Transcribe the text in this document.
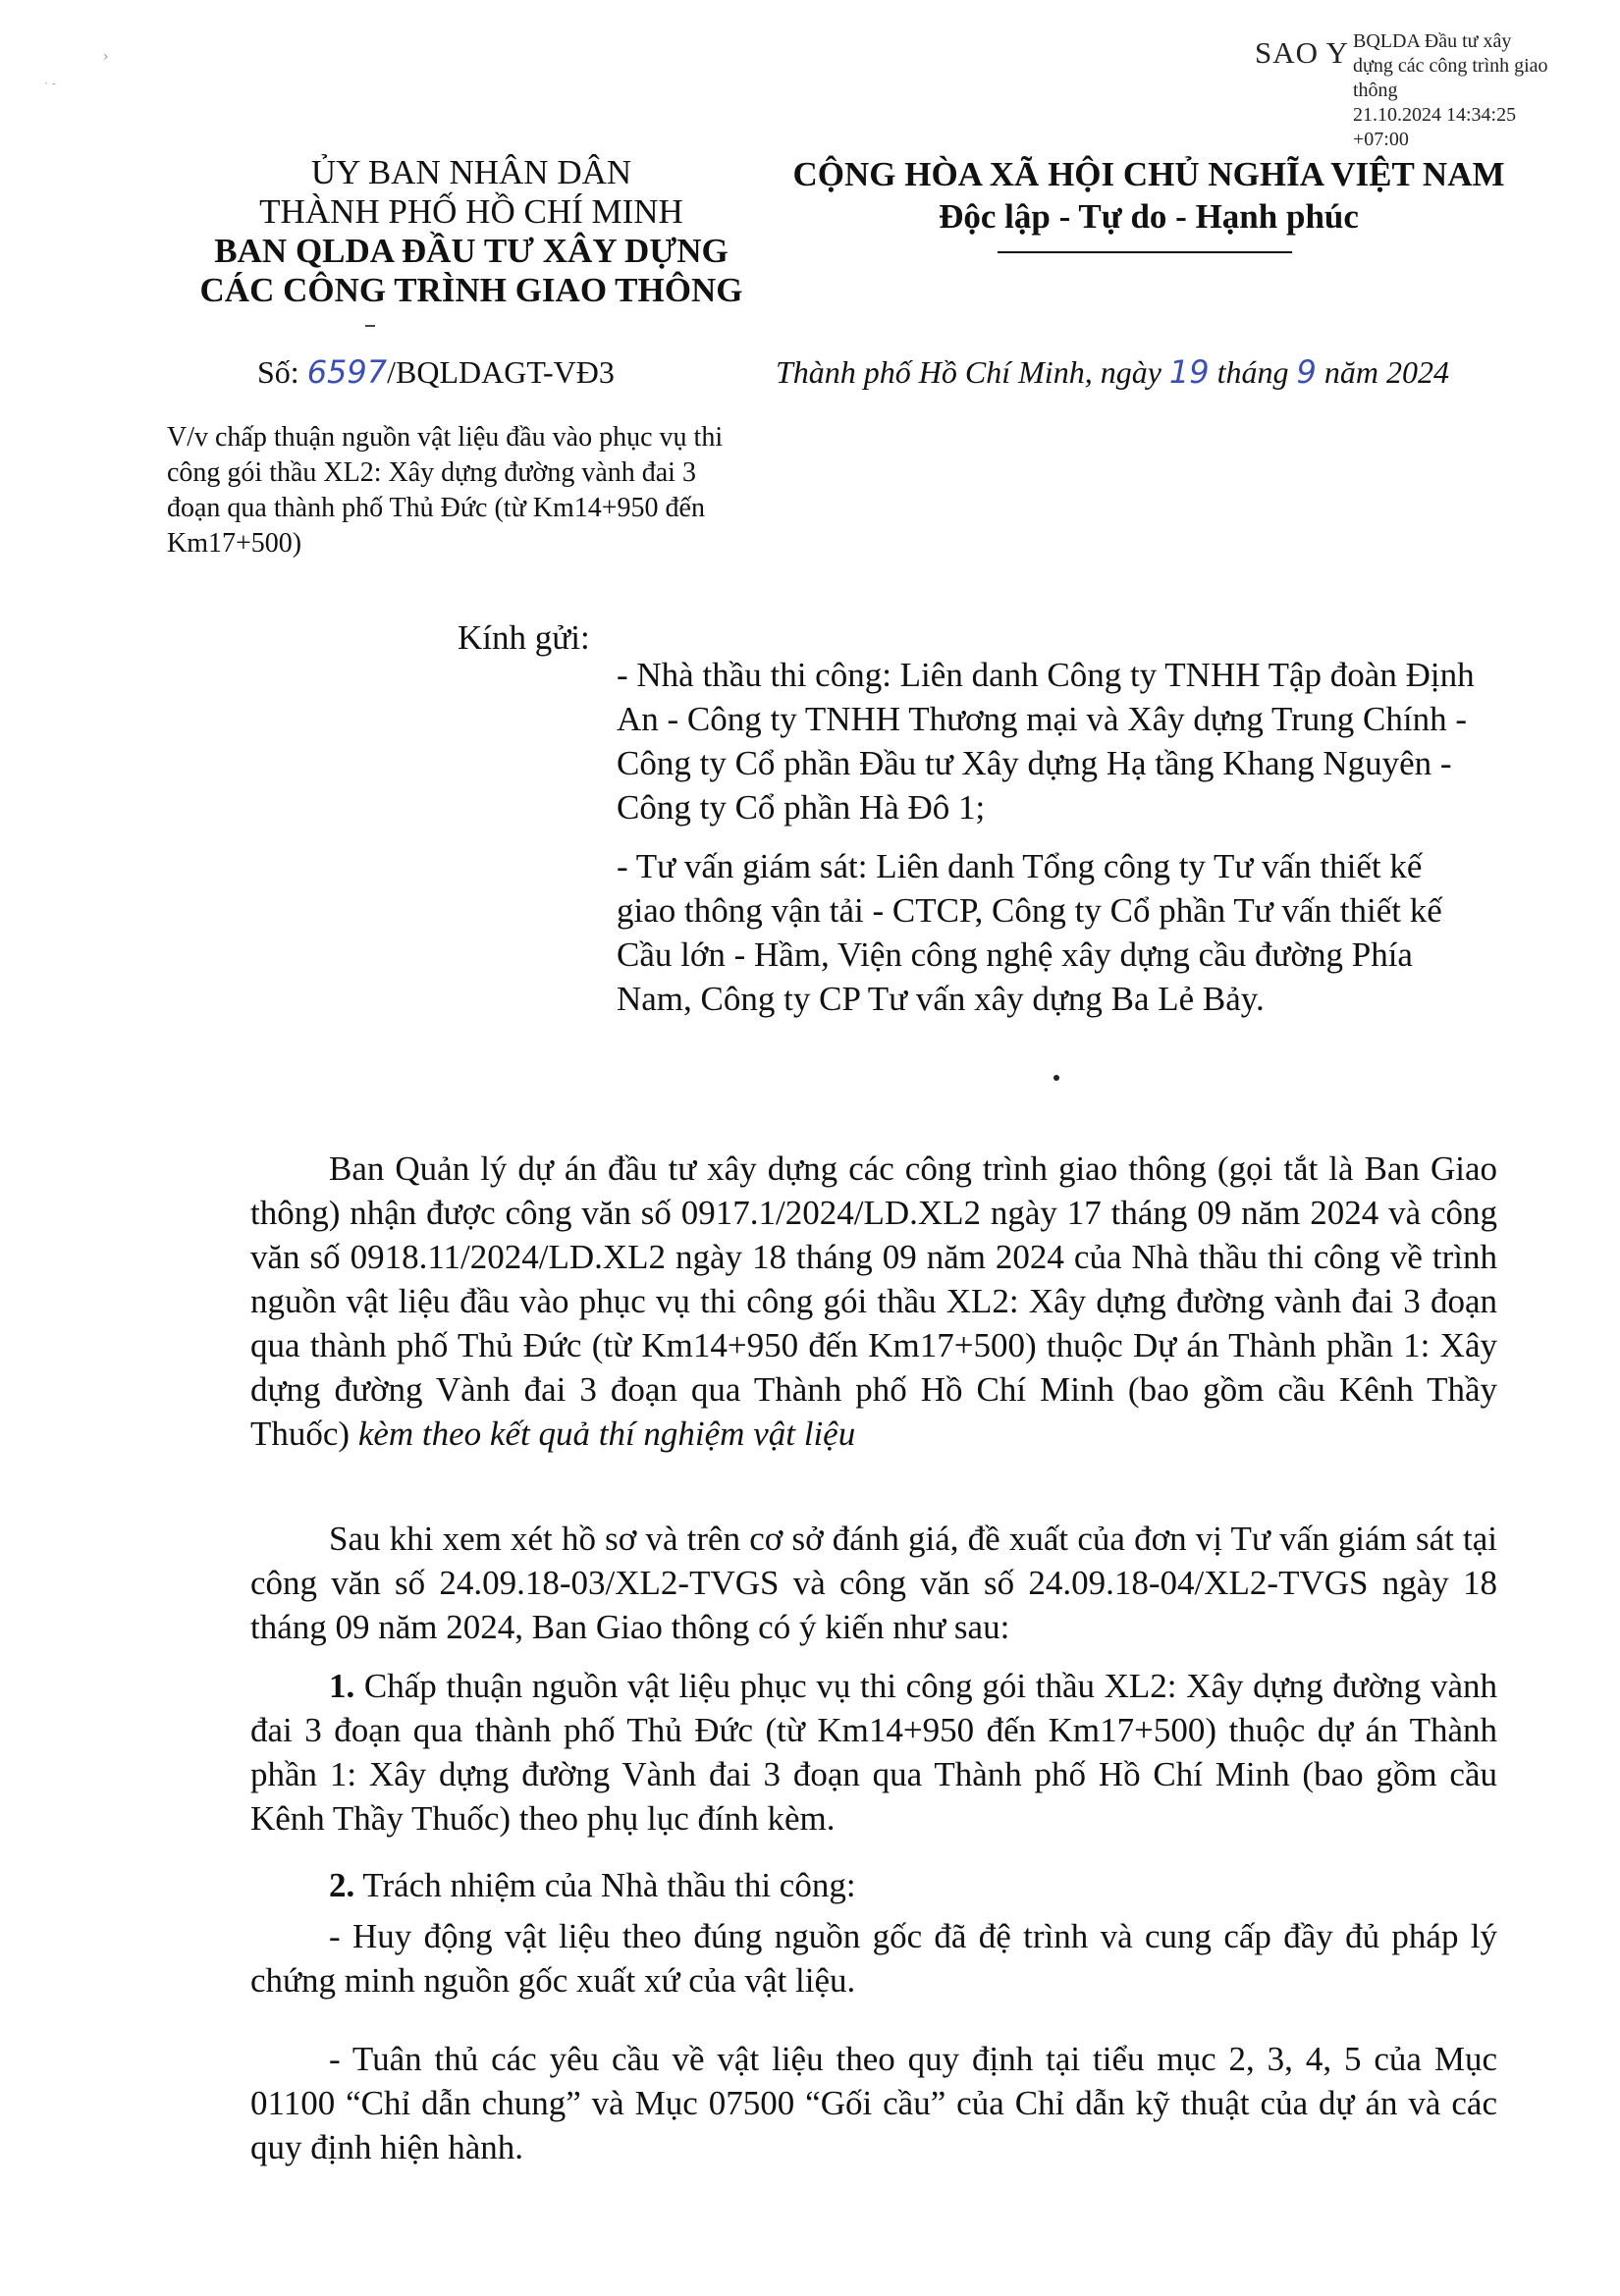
›
· -
SAO Y BQLDA Đầu tư xây
dựng các công trình giao
thông
21.10.2024 14:34:25
+07:00
ỦY BAN NHÂN DÂN
THÀNH PHỐ HỒ CHÍ MINH
BAN QLDA ĐẦU TƯ XÂY DỰNG
CÁC CÔNG TRÌNH GIAO THÔNG
CỘNG HÒA XÃ HỘI CHỦ NGHĨA VIỆT NAM
Độc lập - Tự do - Hạnh phúc
Số: 6597/BQLDAGT-VĐ3	Thành phố Hồ Chí Minh, ngày 19 tháng 9 năm 2024
V/v chấp thuận nguồn vật liệu đầu vào phục vụ thi công gói thầu XL2: Xây dựng đường vành đai 3 đoạn qua thành phố Thủ Đức (từ Km14+950 đến Km17+500)
Kính gửi:
- Nhà thầu thi công: Liên danh Công ty TNHH Tập đoàn Định An - Công ty TNHH Thương mại và Xây dựng Trung Chính - Công ty Cổ phần Đầu tư Xây dựng Hạ tầng Khang Nguyên - Công ty Cổ phần Hà Đô 1;
- Tư vấn giám sát: Liên danh Tổng công ty Tư vấn thiết kế giao thông vận tải - CTCP, Công ty Cổ phần Tư vấn thiết kế Cầu lớn - Hầm, Viện công nghệ xây dựng cầu đường Phía Nam, Công ty CP Tư vấn xây dựng Ba Lẻ Bảy.
Ban Quản lý dự án đầu tư xây dựng các công trình giao thông (gọi tắt là Ban Giao thông) nhận được công văn số 0917.1/2024/LD.XL2 ngày 17 tháng 09 năm 2024 và công văn số 0918.11/2024/LD.XL2 ngày 18 tháng 09 năm 2024 của Nhà thầu thi công về trình nguồn vật liệu đầu vào phục vụ thi công gói thầu XL2: Xây dựng đường vành đai 3 đoạn qua thành phố Thủ Đức (từ Km14+950 đến Km17+500) thuộc Dự án Thành phần 1: Xây dựng đường Vành đai 3 đoạn qua Thành phố Hồ Chí Minh (bao gồm cầu Kênh Thầy Thuốc) kèm theo kết quả thí nghiệm vật liệu
Sau khi xem xét hồ sơ và trên cơ sở đánh giá, đề xuất của đơn vị Tư vấn giám sát tại công văn số 24.09.18-03/XL2-TVGS và công văn số 24.09.18-04/XL2-TVGS ngày 18 tháng 09 năm 2024, Ban Giao thông có ý kiến như sau:
1. Chấp thuận nguồn vật liệu phục vụ thi công gói thầu XL2: Xây dựng đường vành đai 3 đoạn qua thành phố Thủ Đức (từ Km14+950 đến Km17+500) thuộc dự án Thành phần 1: Xây dựng đường Vành đai 3 đoạn qua Thành phố Hồ Chí Minh (bao gồm cầu Kênh Thầy Thuốc) theo phụ lục đính kèm.
2. Trách nhiệm của Nhà thầu thi công:
- Huy động vật liệu theo đúng nguồn gốc đã đệ trình và cung cấp đầy đủ pháp lý chứng minh nguồn gốc xuất xứ của vật liệu.
- Tuân thủ các yêu cầu về vật liệu theo quy định tại tiểu mục 2, 3, 4, 5 của Mục 01100 “Chỉ dẫn chung” và Mục 07500 “Gối cầu” của Chỉ dẫn kỹ thuật của dự án và các quy định hiện hành.
